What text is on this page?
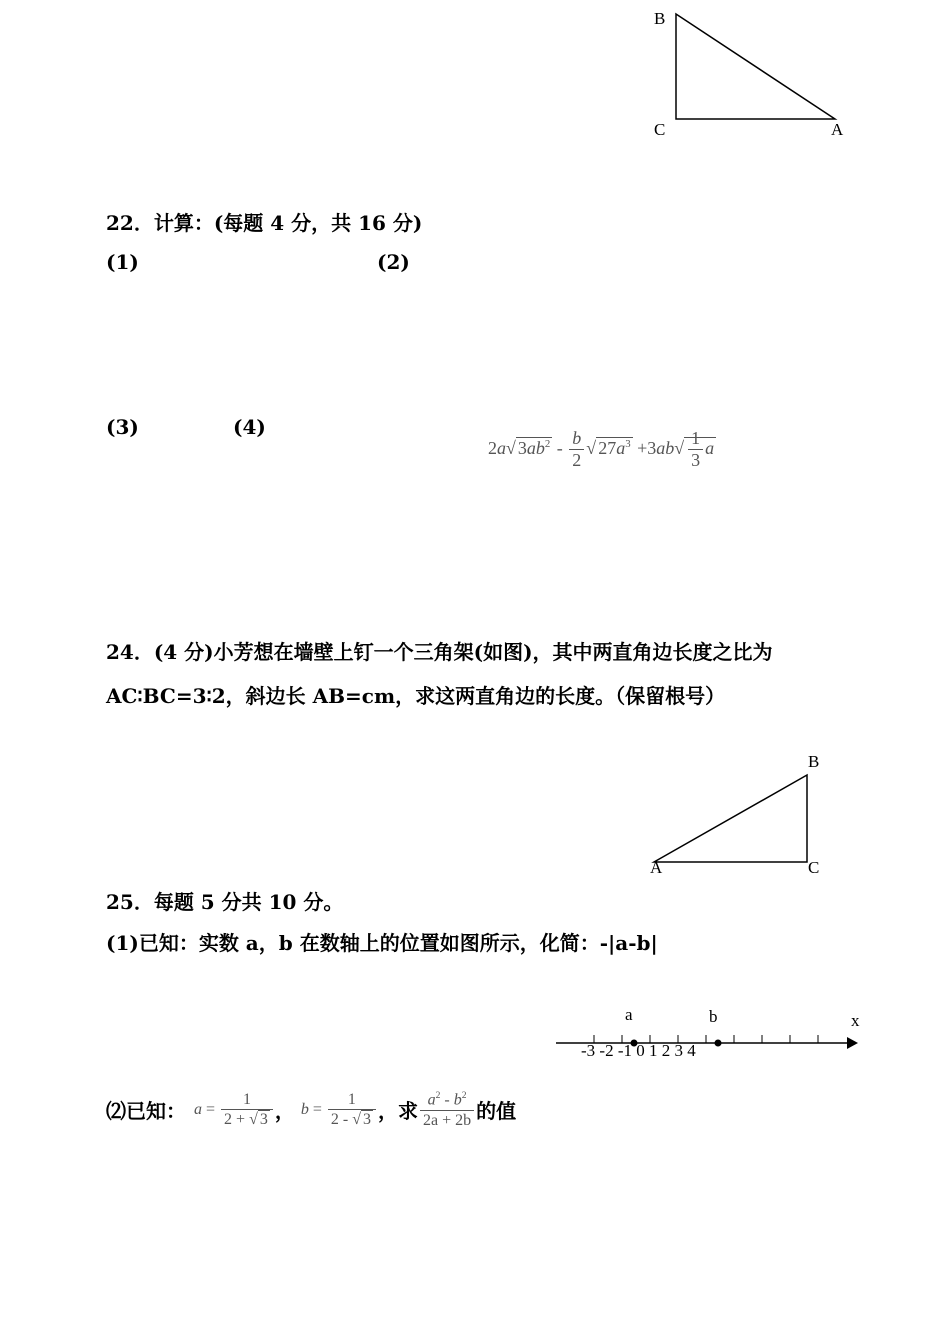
B
C	A
22．计算：(每题 4 分，共 16 分)
(1)	(2)
(3)	(4)
2a√ $3ab^2 - \frac{b}{2}$ √ $27a^3 +3ab√ \frac{1}{3}$ a
24．(4 分)小芳想在墙壁上钉一个三角架(如图)，其中两直角边长度之比为
AC∶BC=3∶2，斜边长 AB=cm，求这两直角边的长度。（保留根号）
B
A	C
25．每题 5 分共 10 分。
(1)已知：实数 a，b 在数轴上的位置如图所示，化简：-|a-b|
x
a	b
-3 -2 -1 0 1 2 3 4
⑵已知： $a = \frac{1}{2 + √ 3}$ ， $b = \frac{1}{2 - √ 3}$ ，求 $\frac{a^2 - b^2}{2a + 2b}$ 的值
